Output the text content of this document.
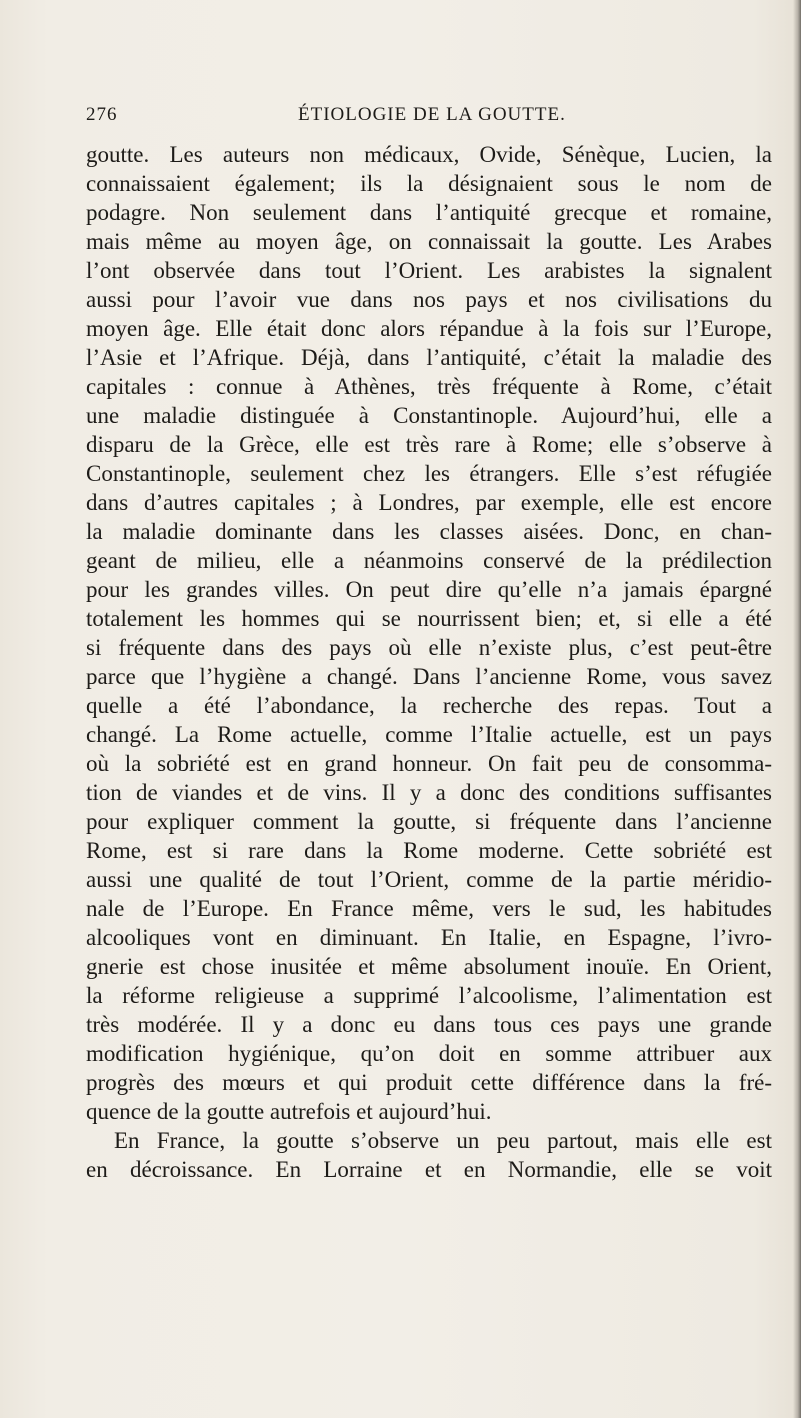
276	ÉTIOLOGIE DE LA GOUTTE.
goutte. Les auteurs non médicaux, Ovide, Sénèque, Lucien, la
connaissaient également; ils la désignaient sous le nom de
podagre. Non seulement dans l’antiquité grecque et romaine,
mais même au moyen âge, on connaissait la goutte. Les Arabes
l’ont observée dans tout l’Orient. Les arabistes la signalent
aussi pour l’avoir vue dans nos pays et nos civilisations du
moyen âge. Elle était donc alors répandue à la fois sur l’Europe,
l’Asie et l’Afrique. Déjà, dans l’antiquité, c’était la maladie des
capitales : connue à Athènes, très fréquente à Rome, c’était
une maladie distinguée à Constantinople. Aujourd’hui, elle a
disparu de la Grèce, elle est très rare à Rome; elle s’observe à
Constantinople, seulement chez les étrangers. Elle s’est réfugiée
dans d’autres capitales ; à Londres, par exemple, elle est encore
la maladie dominante dans les classes aisées. Donc, en chan-
geant de milieu, elle a néanmoins conservé de la prédilection
pour les grandes villes. On peut dire qu’elle n’a jamais épargné
totalement les hommes qui se nourrissent bien; et, si elle a été
si fréquente dans des pays où elle n’existe plus, c’est peut-être
parce que l’hygiène a changé. Dans l’ancienne Rome, vous savez
quelle a été l’abondance, la recherche des repas. Tout a
changé. La Rome actuelle, comme l’Italie actuelle, est un pays
où la sobriété est en grand honneur. On fait peu de consomma-
tion de viandes et de vins. Il y a donc des conditions suffisantes
pour expliquer comment la goutte, si fréquente dans l’ancienne
Rome, est si rare dans la Rome moderne. Cette sobriété est
aussi une qualité de tout l’Orient, comme de la partie méridio-
nale de l’Europe. En France même, vers le sud, les habitudes
alcooliques vont en diminuant. En Italie, en Espagne, l’ivro-
gnerie est chose inusitée et même absolument inouïe. En Orient,
la réforme religieuse a supprimé l’alcoolisme, l’alimentation est
très modérée. Il y a donc eu dans tous ces pays une grande
modification hygiénique, qu’on doit en somme attribuer aux
progrès des mœurs et qui produit cette différence dans la fré-
quence de la goutte autrefois et aujourd’hui.
En France, la goutte s’observe un peu partout, mais elle est
en décroissance. En Lorraine et en Normandie, elle se voit
